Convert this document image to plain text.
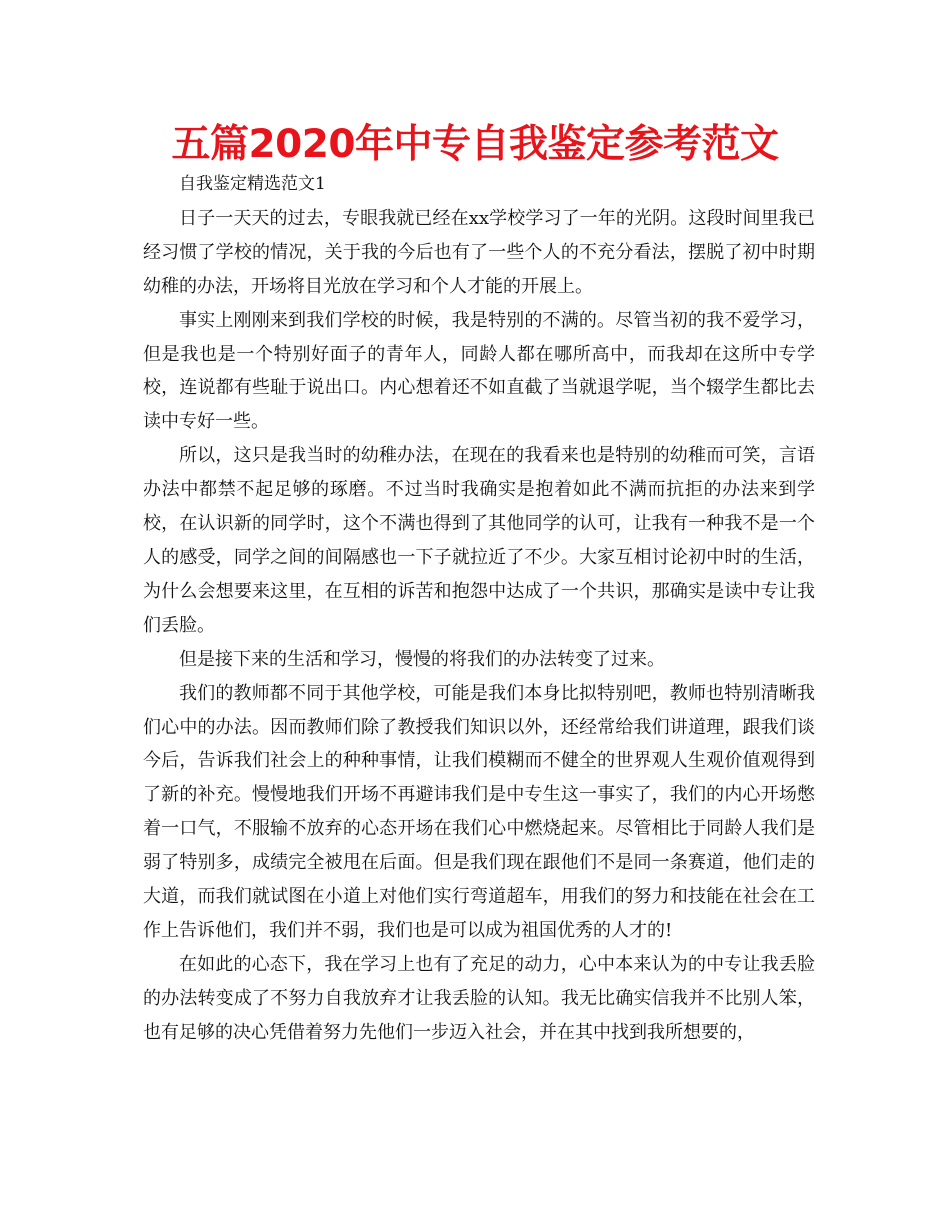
五篇2020年中专自我鉴定参考范文

自我鉴定精选范文1

日子一天天的过去，专眼我就已经在xx学校学习了一年的光阴。这段时间里我已经习惯了学校的情况，关于我的今后也有了一些个人的不充分看法，摆脱了初中时期幼稚的办法，开场将目光放在学习和个人才能的开展上。

事实上刚刚来到我们学校的时候，我是特别的不满的。尽管当初的我不爱学习，但是我也是一个特别好面子的青年人，同龄人都在哪所高中，而我却在这所中专学校，连说都有些耻于说出口。内心想着还不如直截了当就退学呢，当个辍学生都比去读中专好一些。

所以，这只是我当时的幼稚办法，在现在的我看来也是特别的幼稚而可笑，言语办法中都禁不起足够的琢磨。不过当时我确实是抱着如此不满而抗拒的办法来到学校，在认识新的同学时，这个不满也得到了其他同学的认可，让我有一种我不是一个人的感受，同学之间的间隔感也一下子就拉近了不少。大家互相讨论初中时的生活，为什么会想要来这里，在互相的诉苦和抱怨中达成了一个共识，那确实是读中专让我们丢脸。

但是接下来的生活和学习，慢慢的将我们的办法转变了过来。

我们的教师都不同于其他学校，可能是我们本身比拟特别吧，教师也特别清晰我们心中的办法。因而教师们除了教授我们知识以外，还经常给我们讲道理，跟我们谈今后，告诉我们社会上的种种事情，让我们模糊而不健全的世界观人生观价值观得到了新的补充。慢慢地我们开场不再避讳我们是中专生这一事实了，我们的内心开场憋着一口气，不服输不放弃的心态开场在我们心中燃烧起来。尽管相比于同龄人我们是弱了特别多，成绩完全被甩在后面。但是我们现在跟他们不是同一条赛道，他们走的大道，而我们就试图在小道上对他们实行弯道超车，用我们的努力和技能在社会在工作上告诉他们，我们并不弱，我们也是可以成为祖国优秀的人才的!

在如此的心态下，我在学习上也有了充足的动力，心中本来认为的中专让我丢脸的办法转变成了不努力自我放弃才让我丢脸的认知。我无比确实信我并不比别人笨，也有足够的决心凭借着努力先他们一步迈入社会，并在其中找到我所想要的，
